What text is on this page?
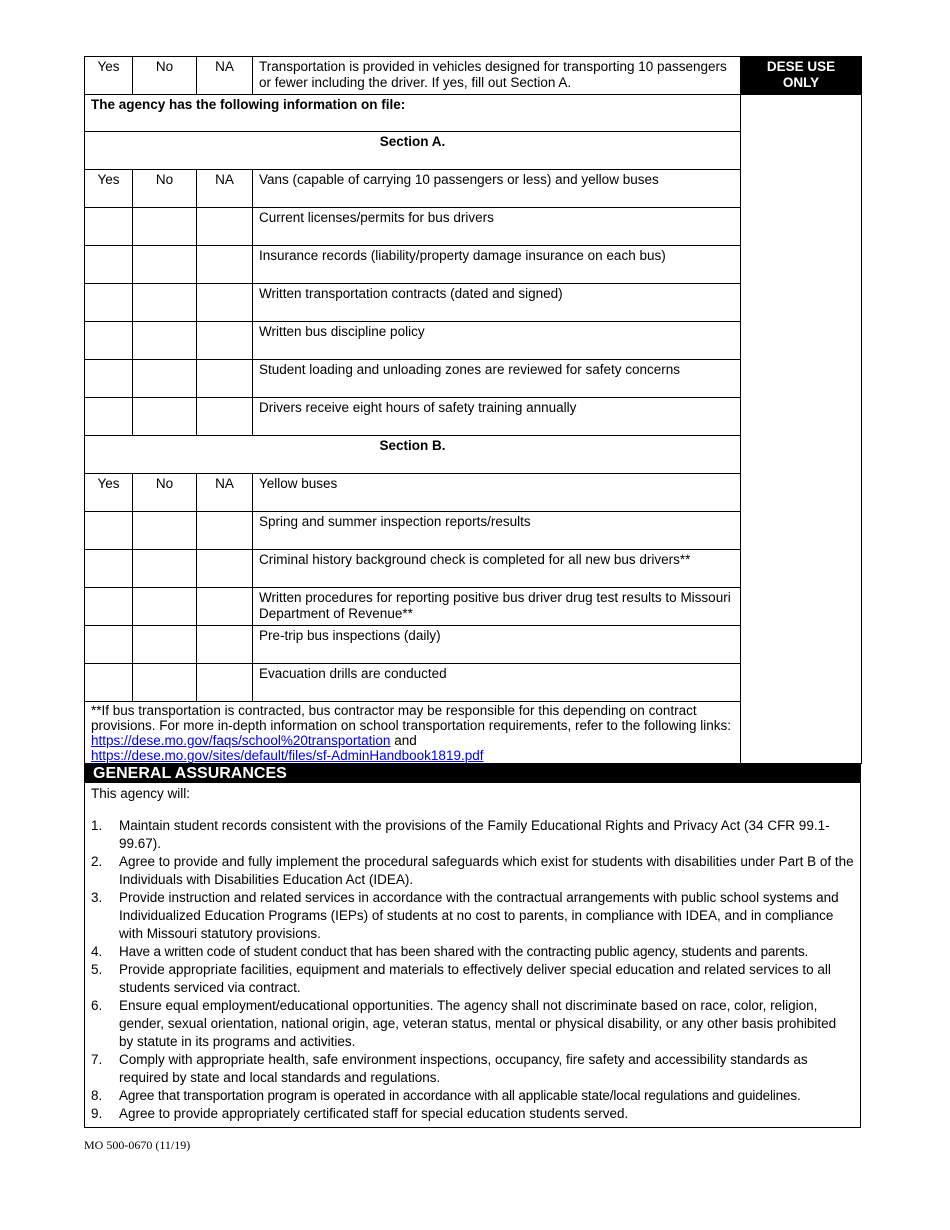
Yes	No	NA	Transportation is provided in vehicles designed for transporting 10 passengers or fewer including the driver. If yes, fill out Section A.	DESE USE ONLY
The agency has the following information on file:				
Section A.				
Yes	No	NA	Vans (capable of carrying 10 passengers or less) and yellow buses	
			Current licenses/permits for bus drivers	
			Insurance records (liability/property damage insurance on each bus)	
			Written transportation contracts (dated and signed)	
			Written bus discipline policy	
			Student loading and unloading zones are reviewed for safety concerns	
			Drivers receive eight hours of safety training annually	
Section B.				
Yes	No	NA	Yellow buses	
			Spring and summer inspection reports/results	
			Criminal history background check is completed for all new bus drivers**	
			Written procedures for reporting positive bus driver drug test results to Missouri Department of Revenue**	
			Pre-trip bus inspections (daily)	
			Evacuation drills are conducted	
**If bus transportation is contracted, bus contractor may be responsible for this depending on contract provisions. For more in-depth information on school transportation requirements, refer to the following links:
https://dese.mo.gov/faqs/school%20transportation and
https://dese.mo.gov/sites/default/files/sf-AdminHandbook1819.pdf				
GENERAL ASSURANCES
This agency will:
1.	Maintain student records consistent with the provisions of the Family Educational Rights and Privacy Act (34 CFR 99.1-99.67).
2.	Agree to provide and fully implement the procedural safeguards which exist for students with disabilities under Part B of the Individuals with Disabilities Education Act (IDEA).
3.	Provide instruction and related services in accordance with the contractual arrangements with public school systems and Individualized Education Programs (IEPs) of students at no cost to parents, in compliance with IDEA, and in compliance with Missouri statutory provisions.
4.	Have a written code of student conduct that has been shared with the contracting public agency, students and parents.
5.	Provide appropriate facilities, equipment and materials to effectively deliver special education and related services to all students serviced via contract.
6.	Ensure equal employment/educational opportunities. The agency shall not discriminate based on race, color, religion, gender, sexual orientation, national origin, age, veteran status, mental or physical disability, or any other basis prohibited by statute in its programs and activities.
7.	Comply with appropriate health, safe environment inspections, occupancy, fire safety and accessibility standards as required by state and local standards and regulations.
8.	Agree that transportation program is operated in accordance with all applicable state/local regulations and guidelines.
9.	Agree to provide appropriately certificated staff for special education students served.
MO 500-0670 (11/19)
